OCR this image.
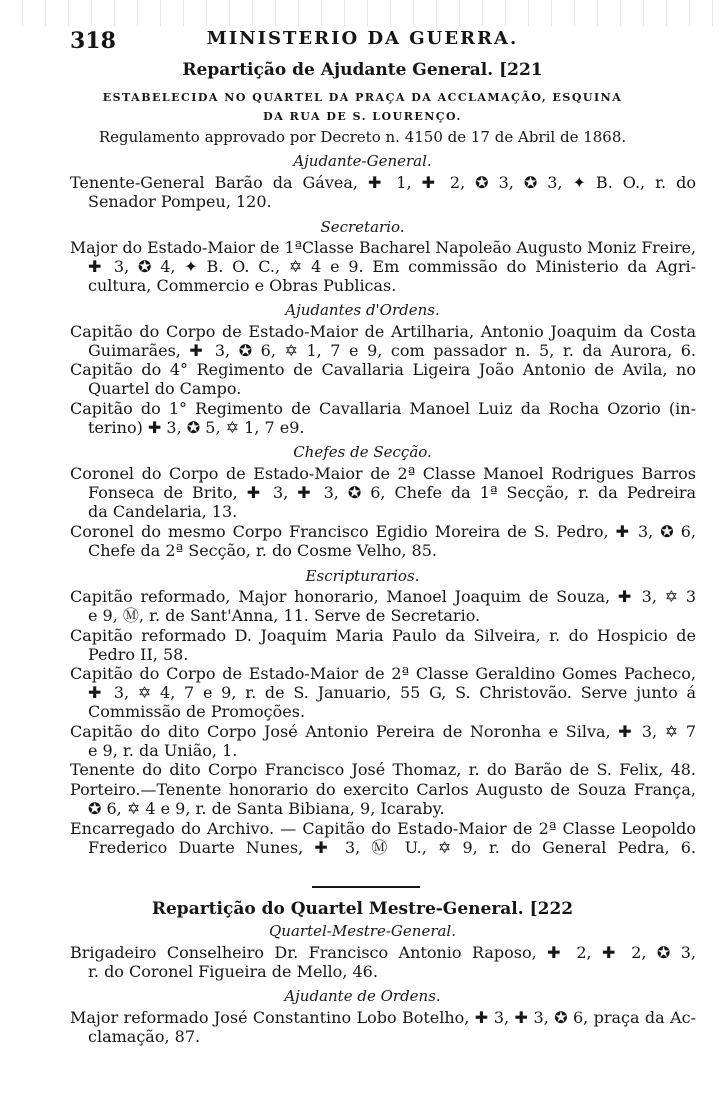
318	MINISTERIO DA GUERRA.
Repartição de Ajudante General. [221
ESTABELECIDA NO QUARTEL DA PRAÇA DA ACCLAMAÇÃO, ESQUINA
DA RUA DE S. LOURENÇO.
Regulamento approvado por Decreto n. 4150 de 17 de Abril de 1868.
Ajudante-General.
Tenente-General Barão da Gávea, ✚ 1, ✚ 2, ✪ 3, ✪ 3, ✦ B. O., r. do
Senador Pompeu, 120.
Secretario.
Major do Estado-Maior de 1ªClasse Bacharel Napoleão Augusto Moniz Freire,
✚ 3, ✪ 4, ✦ B. O. C., ✡ 4 e 9. Em commissão do Ministerio da Agri-
cultura, Commercio e Obras Publicas.
Ajudantes d'Ordens.
Capitão do Corpo de Estado-Maior de Artilharia, Antonio Joaquim da Costa
Guimarães, ✚ 3, ✪ 6, ✡ 1, 7 e 9, com passador n. 5, r. da Aurora, 6.
Capitão do 4° Regimento de Cavallaria Ligeira João Antonio de Avila, no
Quartel do Campo.
Capitão do 1° Regimento de Cavallaria Manoel Luiz da Rocha Ozorio (in-
terino) ✚ 3, ✪ 5, ✡ 1, 7 e9.
Chefes de Secção.
Coronel do Corpo de Estado-Maior de 2ª Classe Manoel Rodrigues Barros
Fonseca de Brito, ✚ 3, ✚ 3, ✪ 6, Chefe da 1ª Secção, r. da Pedreira
da Candelaria, 13.
Coronel do mesmo Corpo Francisco Egidio Moreira de S. Pedro, ✚ 3, ✪ 6,
Chefe da 2ª Secção, r. do Cosme Velho, 85.
Escripturarios.
Capitão reformado, Major honorario, Manoel Joaquim de Souza, ✚ 3, ✡ 3
e 9, Ⓜ, r. de Sant'Anna, 11. Serve de Secretario.
Capitão reformado D. Joaquim Maria Paulo da Silveira, r. do Hospicio de
Pedro II, 58.
Capitão do Corpo de Estado-Maior de 2ª Classe Geraldino Gomes Pacheco,
✚ 3, ✡ 4, 7 e 9, r. de S. Januario, 55 G, S. Christovão. Serve junto á
Commissão de Promoções.
Capitão do dito Corpo José Antonio Pereira de Noronha e Silva, ✚ 3, ✡ 7
e 9, r. da União, 1.
Tenente do dito Corpo Francisco José Thomaz, r. do Barão de S. Felix, 48.
Porteiro.—Tenente honorario do exercito Carlos Augusto de Souza França,
✪ 6, ✡ 4 e 9, r. de Santa Bibiana, 9, Icaraby.
Encarregado do Archivo. — Capitão do Estado-Maior de 2ª Classe Leopoldo
Frederico Duarte Nunes, ✚ 3, Ⓜ U., ✡ 9, r. do General Pedra, 6.
Repartição do Quartel Mestre-General. [222
Quartel-Mestre-General.
Brigadeiro Conselheiro Dr. Francisco Antonio Raposo, ✚ 2, ✚ 2, ✪ 3,
r. do Coronel Figueira de Mello, 46.
Ajudante de Ordens.
Major reformado José Constantino Lobo Botelho, ✚ 3, ✚ 3, ✪ 6, praça da Ac-
clamação, 87.
